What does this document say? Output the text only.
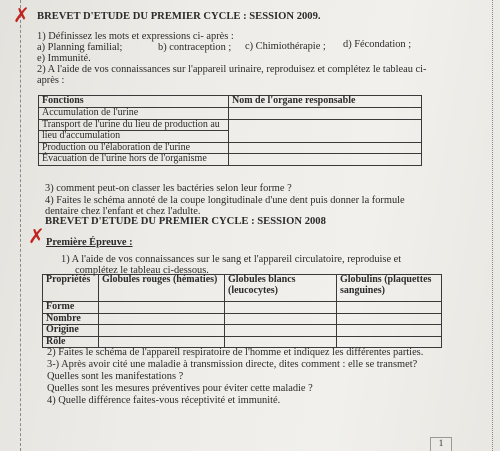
✗ BREVET D'ETUDE DU PREMIER CYCLE : SESSION 2009.
1) Définissez les mots et expressions ci- après :
a) Planning familial;	b) contraception ; c) Chimiothérapie ; d) Fécondation ;
e) Immunité.
2) A l'aide de vos connaissances sur l'appareil urinaire, reproduisez et complétez le tableau ci-
après :
Fonctions	Nom de l'organe responsable
Accumulation de l'urine	
Transport de l'urine du lieu de production au	
lieu d'accumulation	
Production ou l'élaboration de l'urine	
Évacuation de l'urine hors de l'organisme	
3) comment peut-on classer les bactéries selon leur forme ?
4) Faites le schéma annoté de la coupe longitudinale d'une dent puis donner la formule
dentaire chez l'enfant et chez l'adulte.
BREVET D'ETUDE DU PREMIER CYCLE : SESSION 2008
✗ Première Épreuve :
1) A l'aide de vos connaissances sur le sang et l'appareil circulatoire, reproduise et
complétez le tableau ci-dessous.
Propriétés	Globules rouges (hématies)	Globules blancs (leucocytes)	Globulins (plaquettes sanguines)
Forme			
Nombre			
Origine			
Rôle			
2) Faites le schéma de l'appareil respiratoire de l'homme et indiquez les différentes parties.
3-) Après avoir cité une maladie à transmission directe, dites comment : elle se transmet?
Quelles sont les manifestations ?
Quelles sont les mesures préventives pour éviter cette maladie ?
4) Quelle différence faites-vous réceptivité et immunité.
1
